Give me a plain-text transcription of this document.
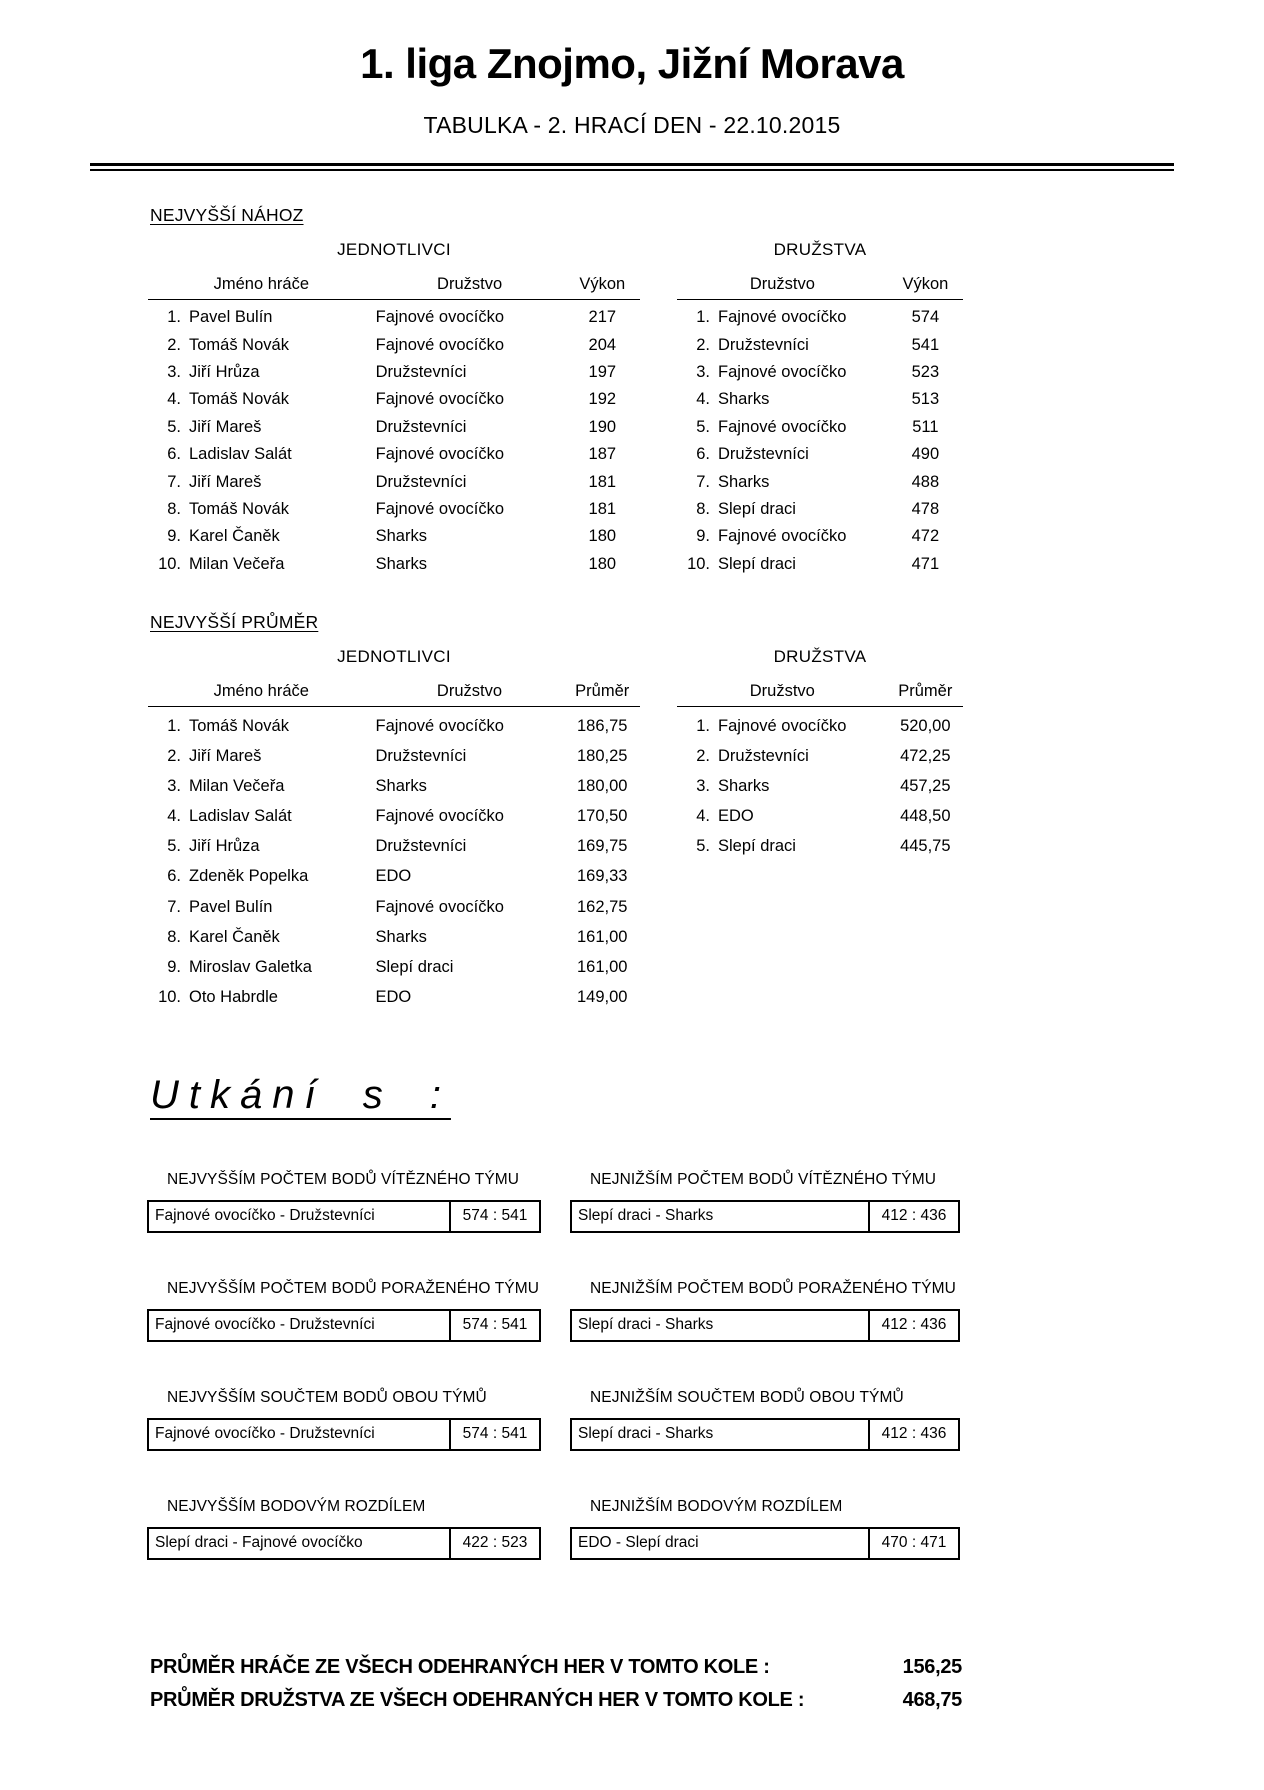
1. liga Znojmo, Jižní Morava
TABULKA - 2. HRACÍ DEN - 22.10.2015
NEJVYŠŠÍ NÁHOZ
JEDNOTLIVCI
Jméno hráče	Družstvo	Výkon
1. Pavel Bulín	Fajnové ovocíčko	217
2. Tomáš Novák	Fajnové ovocíčko	204
3. Jiří Hrůza	Družstevníci	197
4. Tomáš Novák	Fajnové ovocíčko	192
5. Jiří Mareš	Družstevníci	190
6. Ladislav Salát	Fajnové ovocíčko	187
7. Jiří Mareš	Družstevníci	181
8. Tomáš Novák	Fajnové ovocíčko	181
9. Karel Čaněk	Sharks	180
10. Milan Večeřa	Sharks	180
DRUŽSTVA
Družstvo	Výkon
1. Fajnové ovocíčko	574
2. Družstevníci	541
3. Fajnové ovocíčko	523
4. Sharks	513
5. Fajnové ovocíčko	511
6. Družstevníci	490
7. Sharks	488
8. Slepí draci	478
9. Fajnové ovocíčko	472
10. Slepí draci	471
NEJVYŠŠÍ PRŮMĚR
JEDNOTLIVCI
Jméno hráče	Družstvo	Průměr
1. Tomáš Novák	Fajnové ovocíčko	186,75
2. Jiří Mareš	Družstevníci	180,25
3. Milan Večeřa	Sharks	180,00
4. Ladislav Salát	Fajnové ovocíčko	170,50
5. Jiří Hrůza	Družstevníci	169,75
6. Zdeněk Popelka	EDO	169,33
7. Pavel Bulín	Fajnové ovocíčko	162,75
8. Karel Čaněk	Sharks	161,00
9. Miroslav Galetka	Slepí draci	161,00
10. Oto Habrdle	EDO	149,00
DRUŽSTVA
Družstvo	Průměr
1. Fajnové ovocíčko	520,00
2. Družstevníci	472,25
3. Sharks	457,25
4. EDO	448,50
5. Slepí draci	445,75
Utkání s :
NEJVYŠŠÍM POČTEM BODŮ VÍTĚZNÉHO TÝMU
Fajnové ovocíčko - Družstevníci	574 : 541
NEJNIŽŠÍM POČTEM BODŮ VÍTĚZNÉHO TÝMU
Slepí draci - Sharks	412 : 436
NEJVYŠŠÍM POČTEM BODŮ PORAŽENÉHO TÝMU
Fajnové ovocíčko - Družstevníci	574 : 541
NEJNIŽŠÍM POČTEM BODŮ PORAŽENÉHO TÝMU
Slepí draci - Sharks	412 : 436
NEJVYŠŠÍM SOUČTEM BODŮ OBOU TÝMŮ
Fajnové ovocíčko - Družstevníci	574 : 541
NEJNIŽŠÍM SOUČTEM BODŮ OBOU TÝMŮ
Slepí draci - Sharks	412 : 436
NEJVYŠŠÍM BODOVÝM ROZDÍLEM
Slepí draci - Fajnové ovocíčko	422 : 523
NEJNIŽŠÍM BODOVÝM ROZDÍLEM
EDO - Slepí draci	470 : 471
PRŮMĚR HRÁČE ZE VŠECH ODEHRANÝCH HER V TOMTO KOLE :	156,25
PRŮMĚR DRUŽSTVA ZE VŠECH ODEHRANÝCH HER V TOMTO KOLE :	468,75
